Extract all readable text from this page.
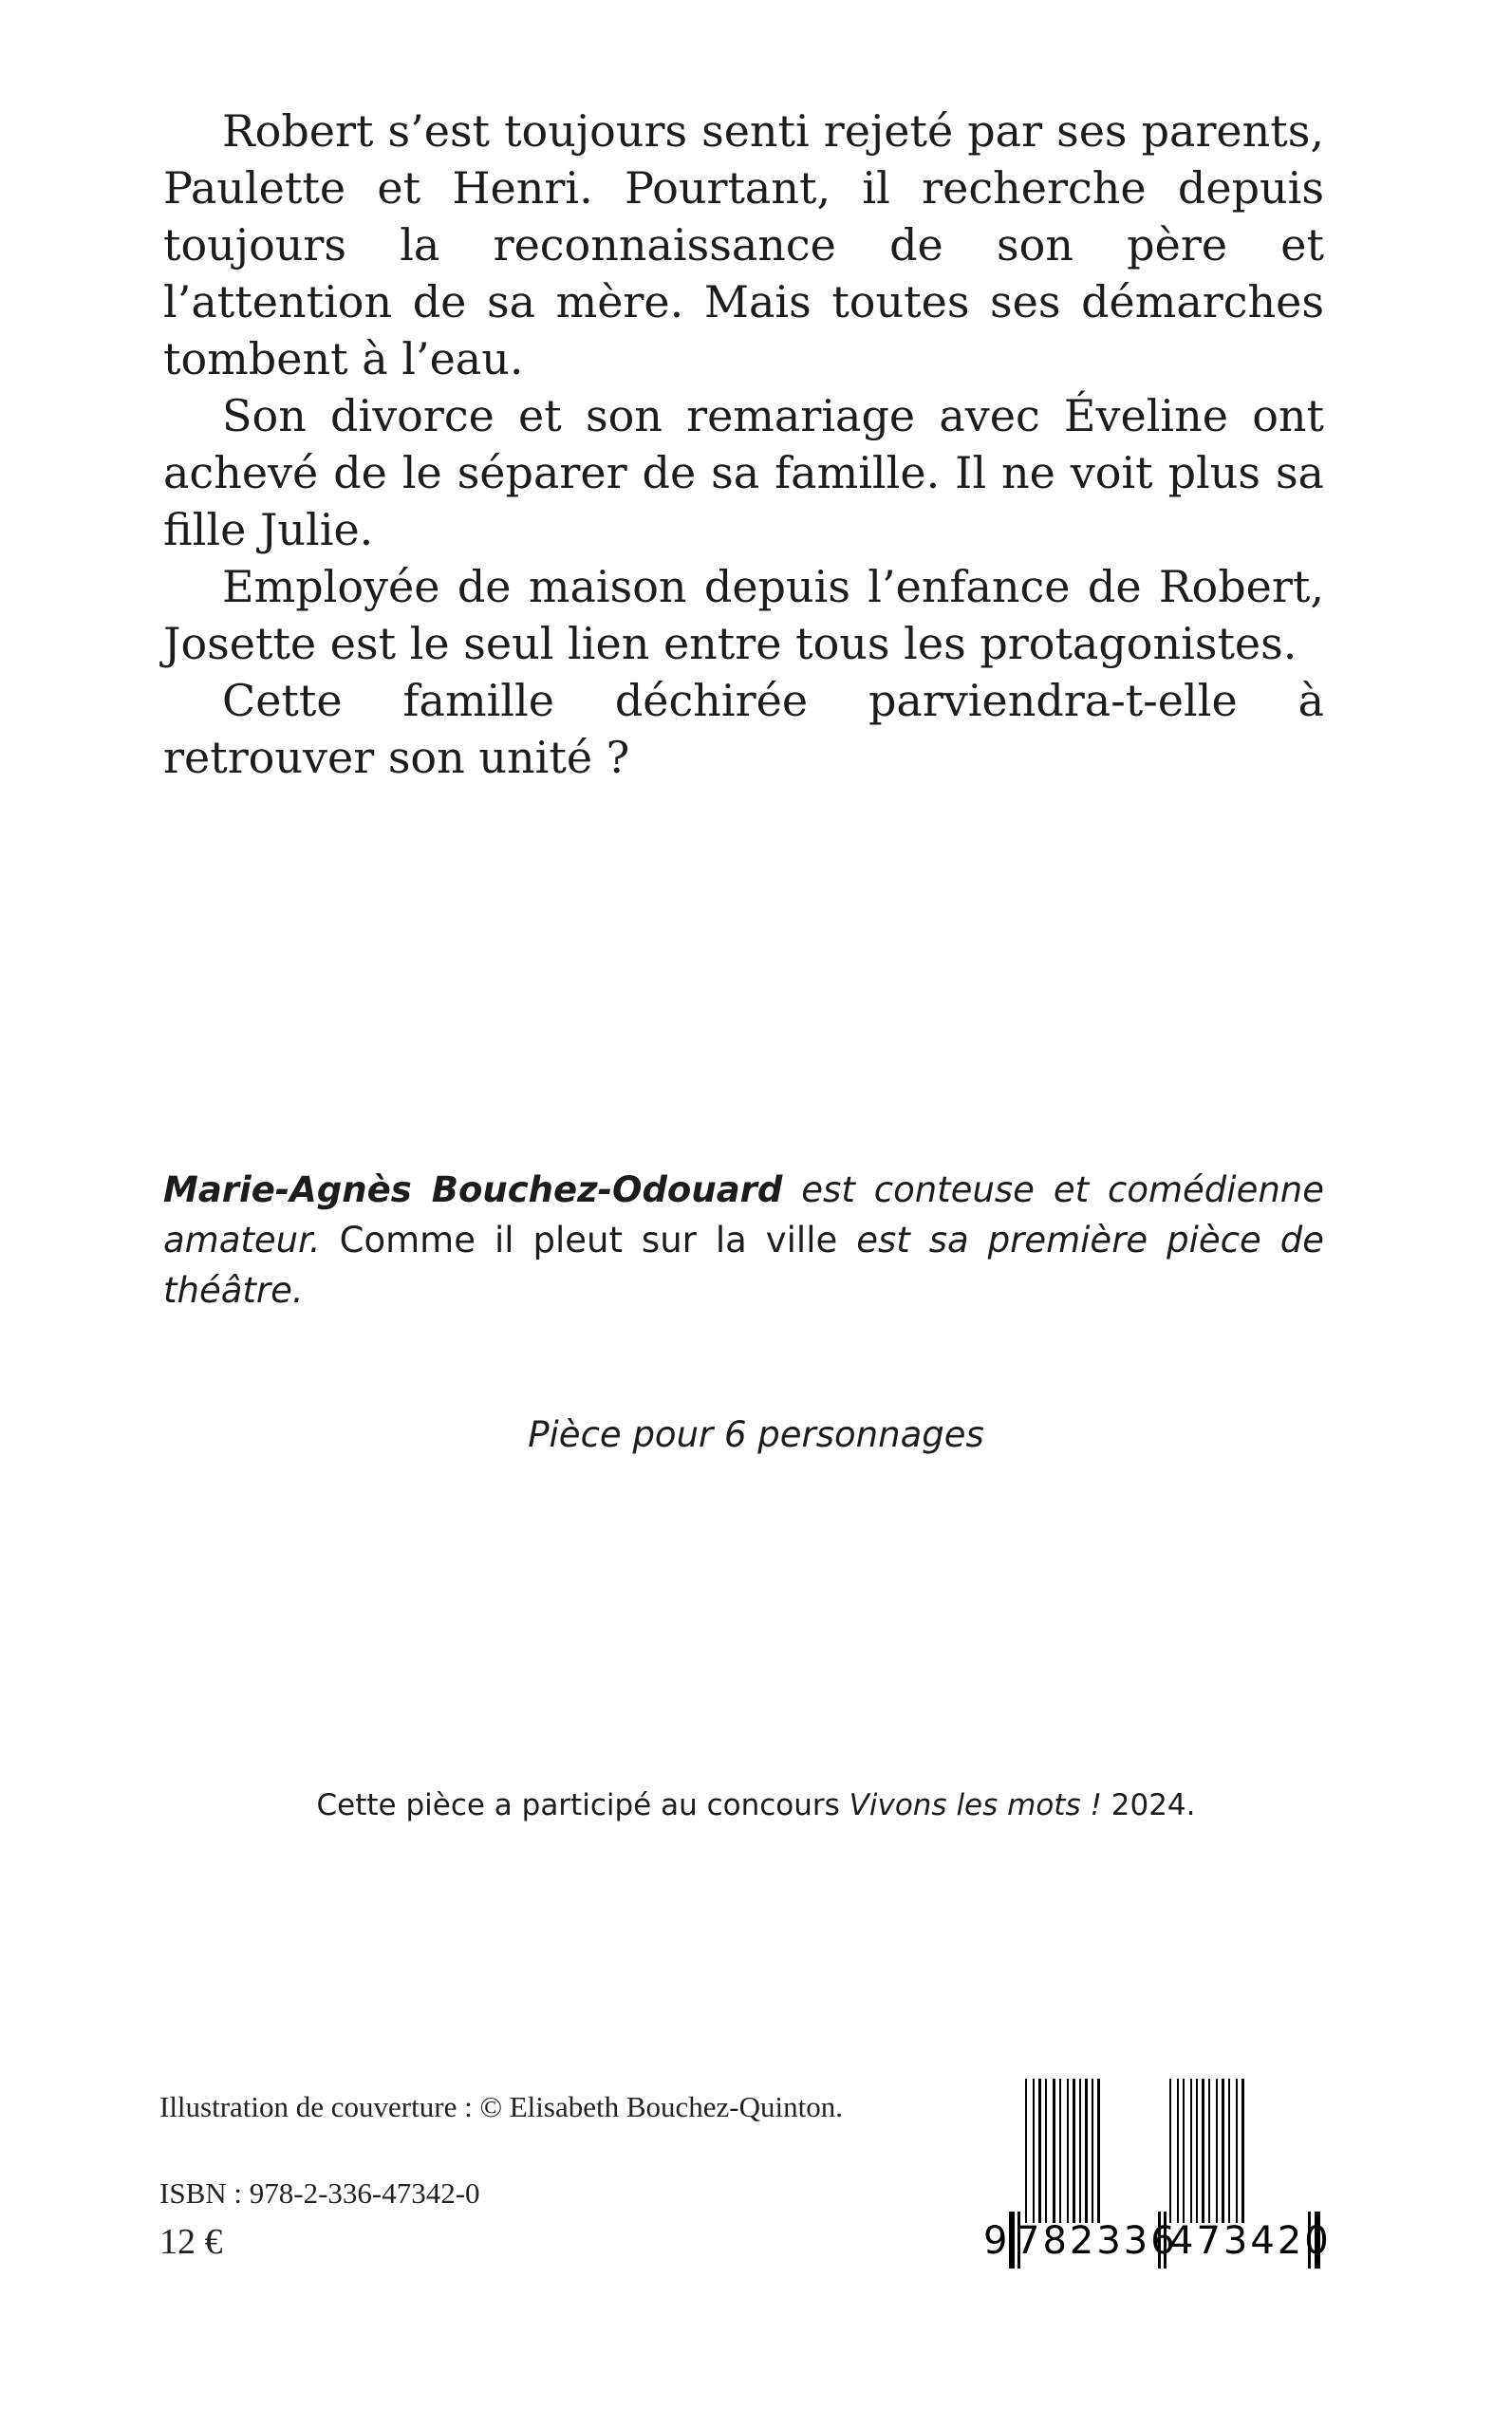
Robert s’est toujours senti rejeté par ses parents, Paulette et Henri. Pourtant, il recherche depuis toujours la reconnaissance de son père et l’attention de sa mère. Mais toutes ses démarches tombent à l’eau.

Son divorce et son remariage avec Éveline ont achevé de le séparer de sa famille. Il ne voit plus sa fille Julie.

Employée de maison depuis l’enfance de Robert, Josette est le seul lien entre tous les protagonistes.

Cette famille déchirée parviendra-t-elle à retrouver son unité ?

Marie-Agnès Bouchez-Odouard est conteuse et comédienne amateur. Comme il pleut sur la ville est sa première pièce de théâtre.

Pièce pour 6 personnages
Cette pièce a participé au concours Vivons les mots ! 2024.
Illustration de couverture : © Elisabeth Bouchez-Quinton.
ISBN : 978-2-336-47342-0
12 €	9 782336
473420
